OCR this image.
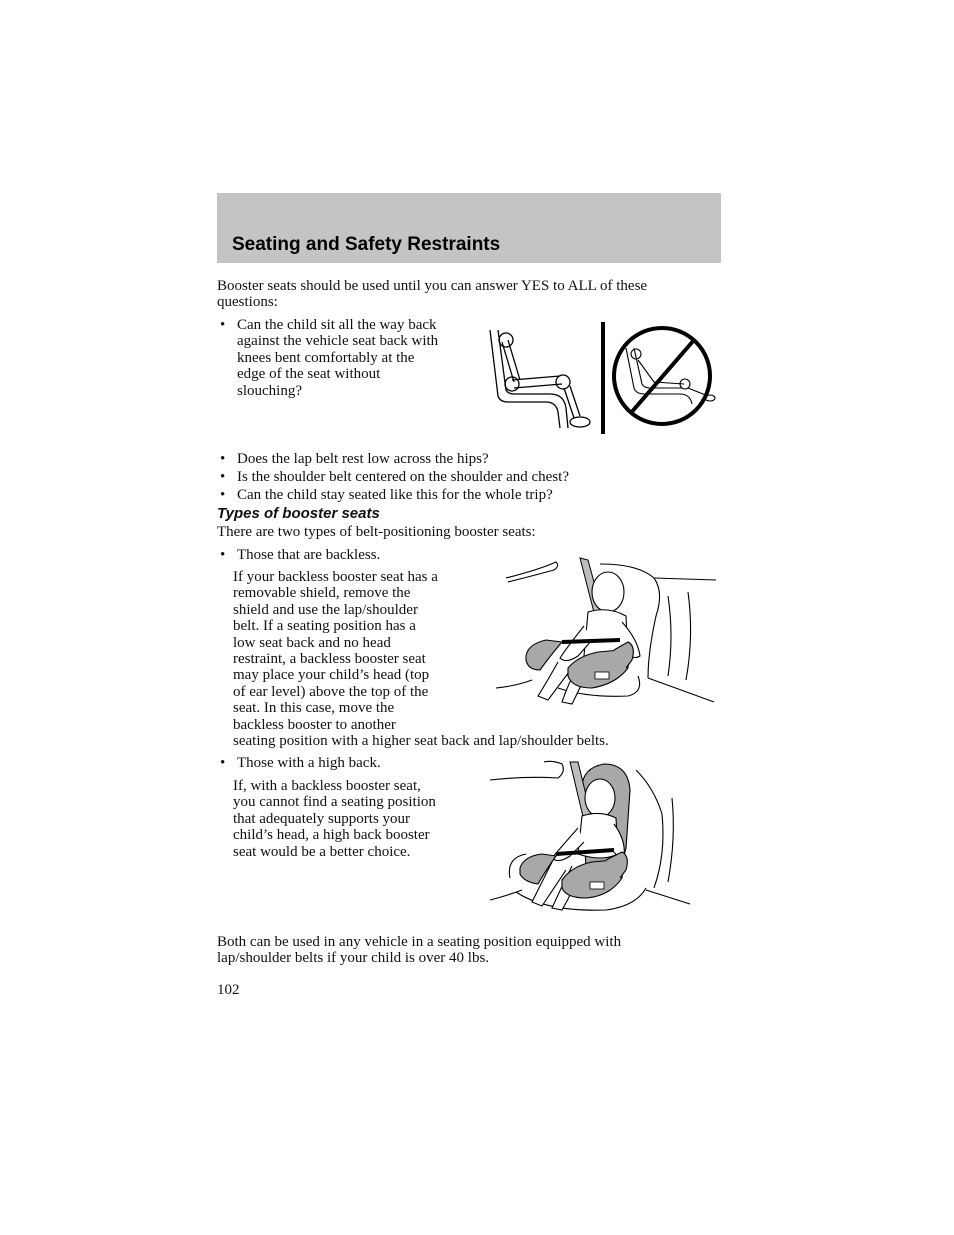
Seating and Safety Restraints
Booster seats should be used until you can answer YES to ALL of these
questions:
• Can the child sit all the way back
against the vehicle seat back with
knees bent comfortably at the
edge of the seat without
slouching?
• Does the lap belt rest low across the hips?
• Is the shoulder belt centered on the shoulder and chest?
• Can the child stay seated like this for the whole trip?
Types of booster seats
There are two types of belt-positioning booster seats:
• Those that are backless.
If your backless booster seat has a
removable shield, remove the
shield and use the lap/shoulder
belt. If a seating position has a
low seat back and no head
restraint, a backless booster seat
may place your child’s head (top
of ear level) above the top of the
seat. In this case, move the
backless booster to another
seating position with a higher seat back and lap/shoulder belts.
• Those with a high back.
If, with a backless booster seat,
you cannot find a seating position
that adequately supports your
child’s head, a high back booster
seat would be a better choice.
Both can be used in any vehicle in a seating position equipped with
lap/shoulder belts if your child is over 40 lbs.
102
